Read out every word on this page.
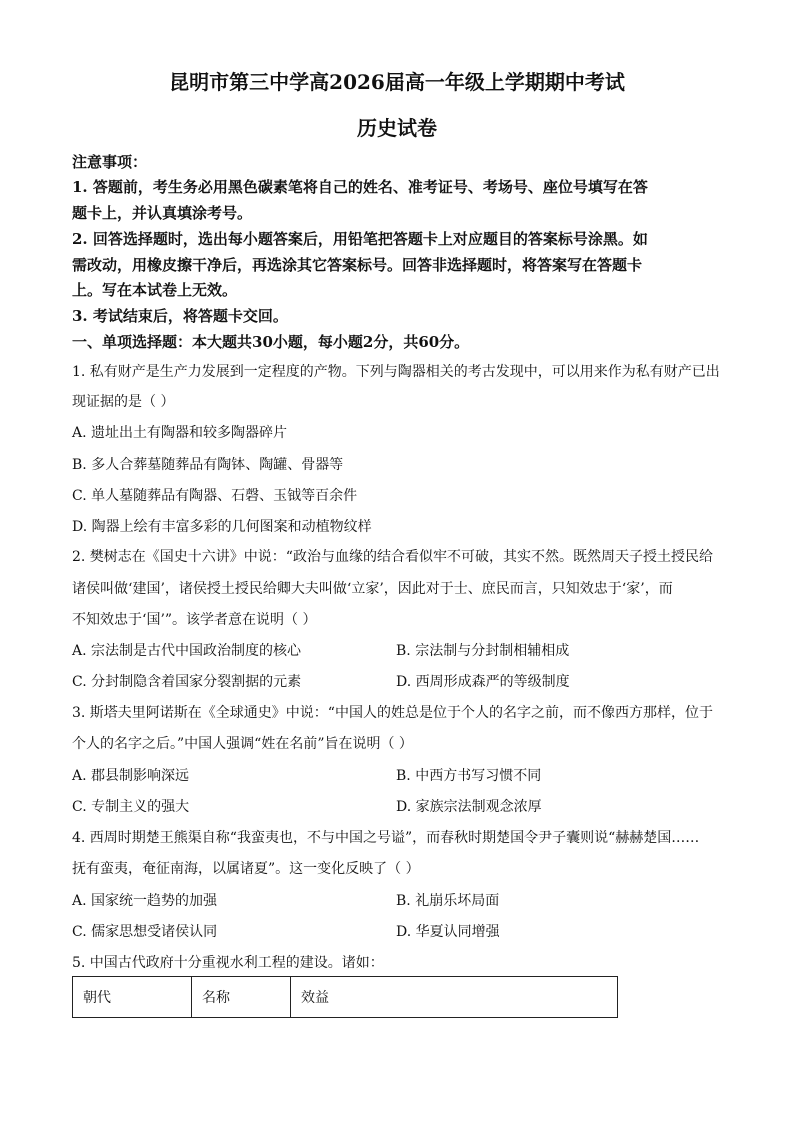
昆明市第三中学高2026届高一年级上学期期中考试
历史试卷
注意事项：
1. 答题前，考生务必用黑色碳素笔将自己的姓名、准考证号、考场号、座位号填写在答
题卡上，并认真填涂考号。
2. 回答选择题时，选出每小题答案后，用铅笔把答题卡上对应题目的答案标号涂黑。如
需改动，用橡皮擦干净后，再选涂其它答案标号。回答非选择题时，将答案写在答题卡
上。写在本试卷上无效。
3. 考试结束后，将答题卡交回。
一、单项选择题：本大题共30小题，每小题2分，共60分。
1. 私有财产是生产力发展到一定程度的产物。下列与陶器相关的考古发现中，可以用来作为私有财产已出
现证据的是（ ）
A. 遗址出土有陶器和较多陶器碎片
B. 多人合葬墓随葬品有陶钵、陶罐、骨器等
C. 单人墓随葬品有陶器、石磬、玉钺等百余件
D. 陶器上绘有丰富多彩的几何图案和动植物纹样
2. 樊树志在《国史十六讲》中说：“政治与血缘的结合看似牢不可破，其实不然。既然周天子授土授民给
诸侯叫做‘建国’，诸侯授土授民给卿大夫叫做‘立家’，因此对于士、庶民而言，只知效忠于‘家’，而
不知效忠于‘国’”。该学者意在说明（ ）
A. 宗法制是古代中国政治制度的核心	B. 宗法制与分封制相辅相成
C. 分封制隐含着国家分裂割据的元素	D. 西周形成森严的等级制度
3. 斯塔夫里阿诺斯在《全球通史》中说：“中国人的姓总是位于个人的名字之前，而不像西方那样，位于
个人的名字之后。”中国人强调“姓在名前”旨在说明（ ）
A. 郡县制影响深远	B. 中西方书写习惯不同
C. 专制主义的强大	D. 家族宗法制观念浓厚
4. 西周时期楚王熊渠自称“我蛮夷也，不与中国之号谥”，而春秋时期楚国令尹子囊则说“赫赫楚国……
抚有蛮夷，奄征南海，以属诸夏”。这一变化反映了（ ）
A. 国家统一趋势的加强	B. 礼崩乐坏局面
C. 儒家思想受诸侯认同	D. 华夏认同增强
5. 中国古代政府十分重视水利工程的建设。诸如：
朝代	名称	效益
